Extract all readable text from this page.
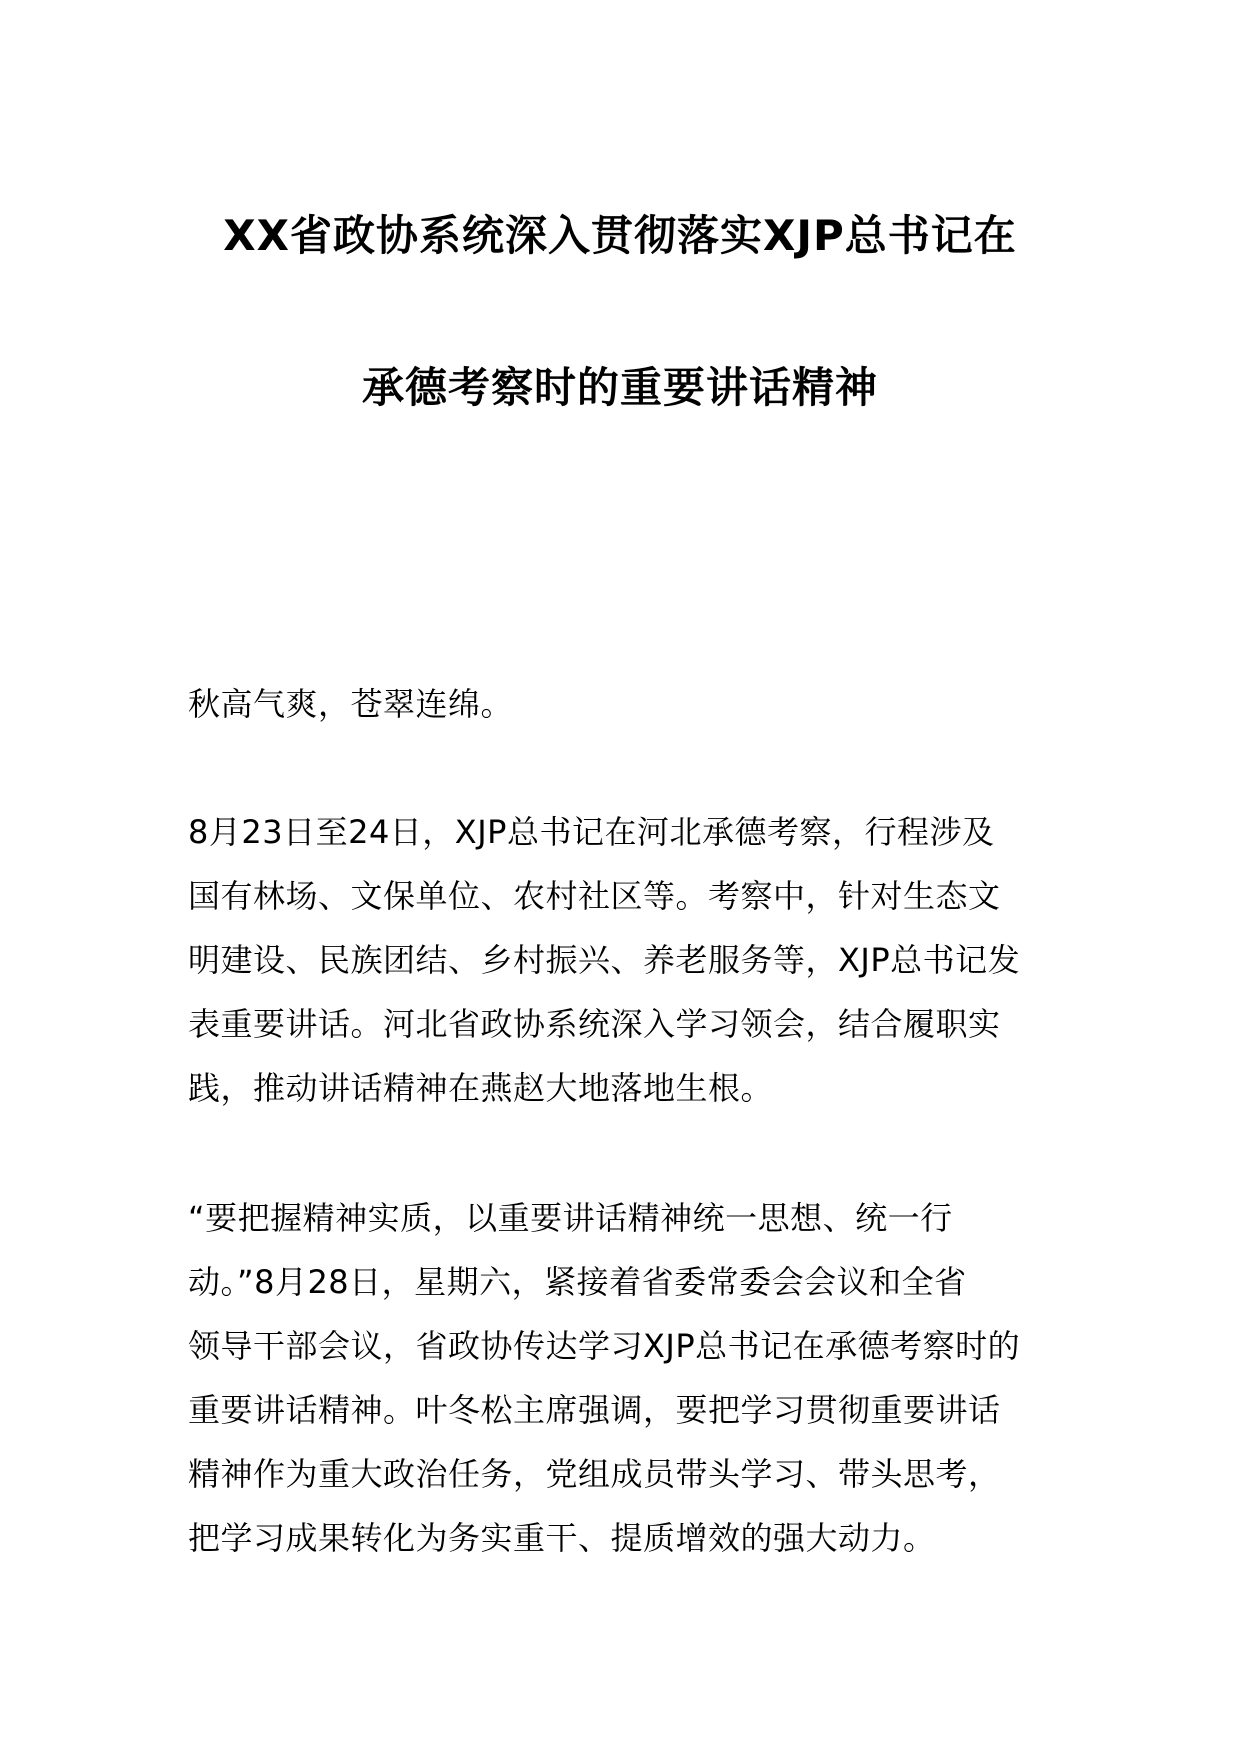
XX省政协系统深入贯彻落实XJP总书记在
承德考察时的重要讲话精神

秋高气爽，苍翠连绵。

8月23日至24日，XJP总书记在河北承德考察，行程涉及
国有林场、文保单位、农村社区等。考察中，针对生态文
明建设、民族团结、乡村振兴、养老服务等，XJP总书记发
表重要讲话。河北省政协系统深入学习领会，结合履职实
践，推动讲话精神在燕赵大地落地生根。

“要把握精神实质，以重要讲话精神统一思想、统一行
动。”8月28日，星期六，紧接着省委常委会会议和全省
领导干部会议，省政协传达学习XJP总书记在承德考察时的
重要讲话精神。叶冬松主席强调，要把学习贯彻重要讲话
精神作为重大政治任务，党组成员带头学习、带头思考，
把学习成果转化为务实重干、提质增效的强大动力。
